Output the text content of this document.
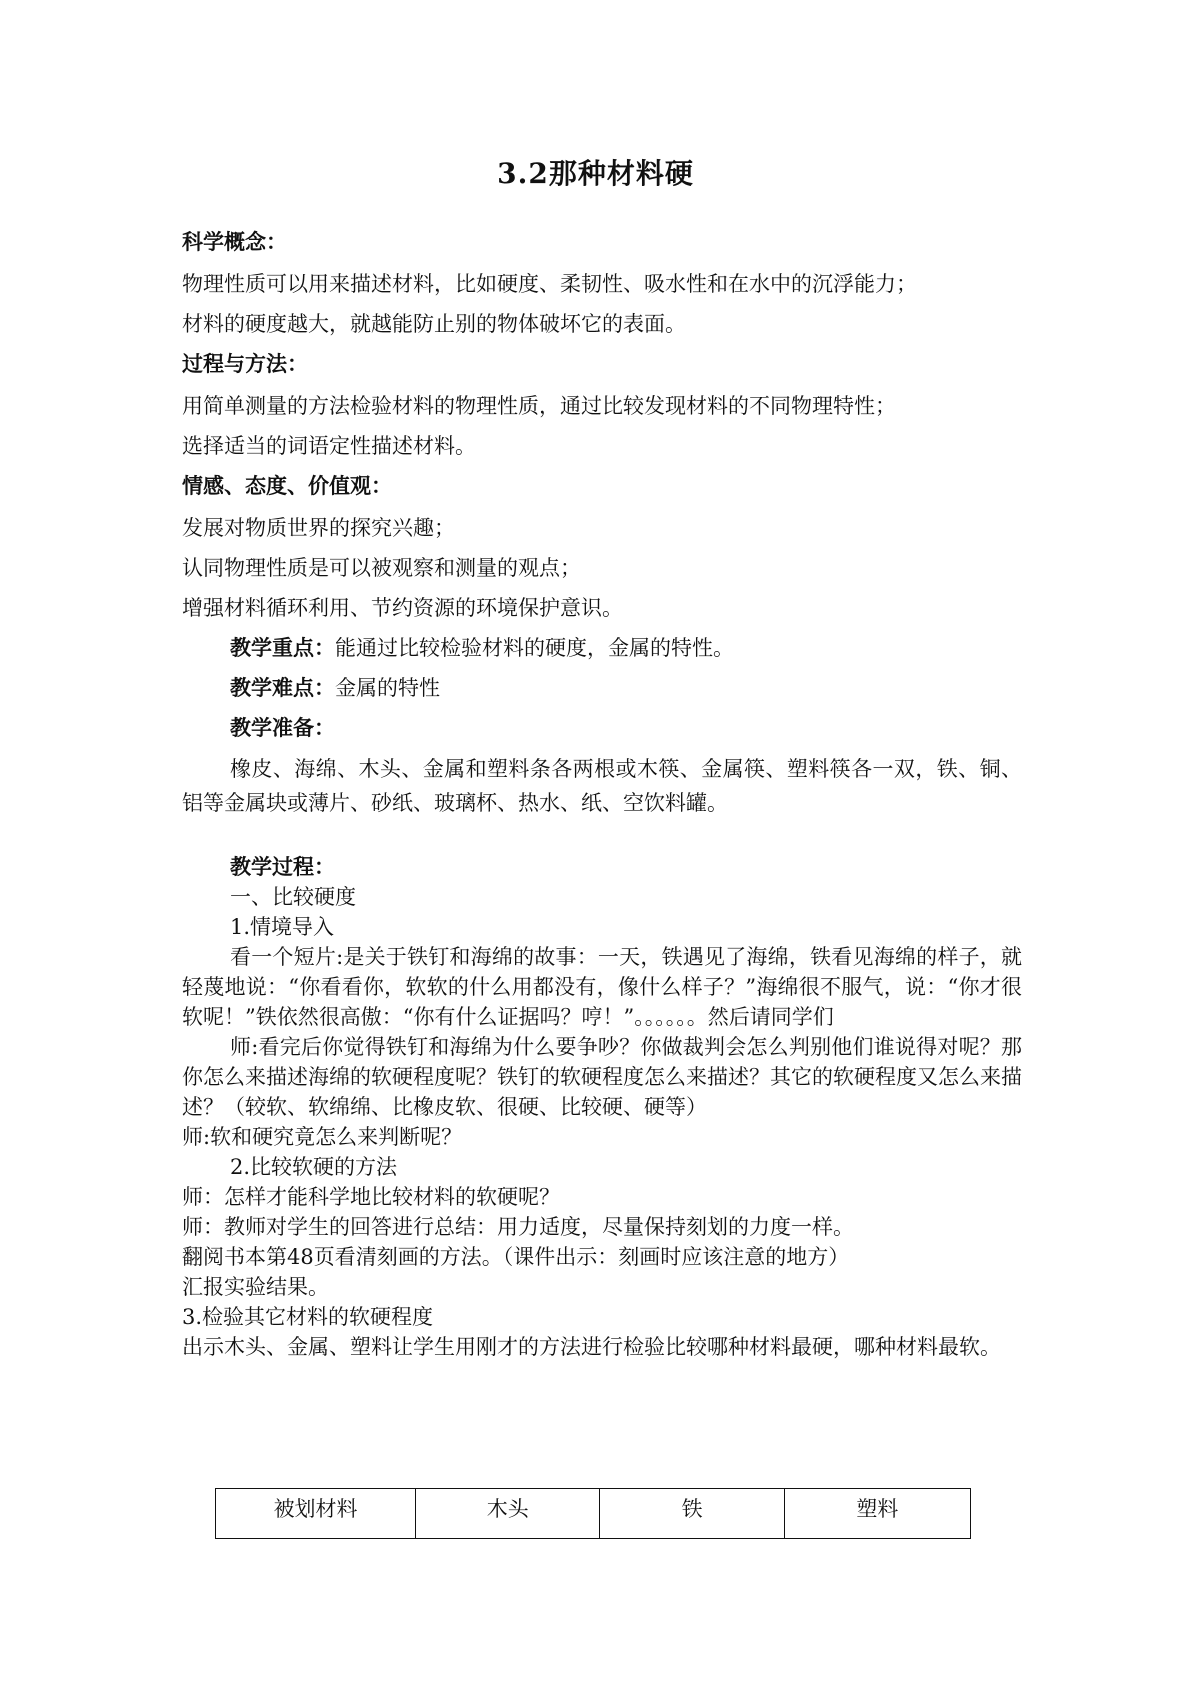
3.2那种材料硬

科学概念：

物理性质可以用来描述材料，比如硬度、柔韧性、吸水性和在水中的沉浮能力；

材料的硬度越大，就越能防止别的物体破坏它的表面。

过程与方法：

用简单测量的方法检验材料的物理性质，通过比较发现材料的不同物理特性；

选择适当的词语定性描述材料。

情感、态度、价值观：

发展对物质世界的探究兴趣；

认同物理性质是可以被观察和测量的观点；

增强材料循环利用、节约资源的环境保护意识。

教学重点：能通过比较检验材料的硬度，金属的特性。

教学难点：金属的特性

教学准备：

橡皮、海绵、木头、金属和塑料条各两根或木筷、金属筷、塑料筷各一双，铁、铜、铝等金属块或薄片、砂纸、玻璃杯、热水、纸、空饮料罐。

教学过程：

一、比较硬度

1.情境导入

看一个短片:是关于铁钉和海绵的故事：一天，铁遇见了海绵，铁看见海绵的样子，就轻蔑地说：“你看看你，软软的什么用都没有，像什么样子？”海绵很不服气，说：“你才很软呢！”铁依然很高傲：“你有什么证据吗？哼！”。。。。。。然后请同学们

师:看完后你觉得铁钉和海绵为什么要争吵？你做裁判会怎么判别他们谁说得对呢？那你怎么来描述海绵的软硬程度呢？铁钉的软硬程度怎么来描述？其它的软硬程度又怎么来描述？（较软、软绵绵、比橡皮软、很硬、比较硬、硬等）

师:软和硬究竟怎么来判断呢？

2.比较软硬的方法

师：怎样才能科学地比较材料的软硬呢？

师：教师对学生的回答进行总结：用力适度，尽量保持刻划的力度一样。

翻阅书本第48页看清刻画的方法。（课件出示：刻画时应该注意的地方）

汇报实验结果。

3.检验其它材料的软硬程度

出示木头、金属、塑料让学生用刚才的方法进行检验比较哪种材料最硬，哪种材料最软。

被划材料	木头	铁	塑料
